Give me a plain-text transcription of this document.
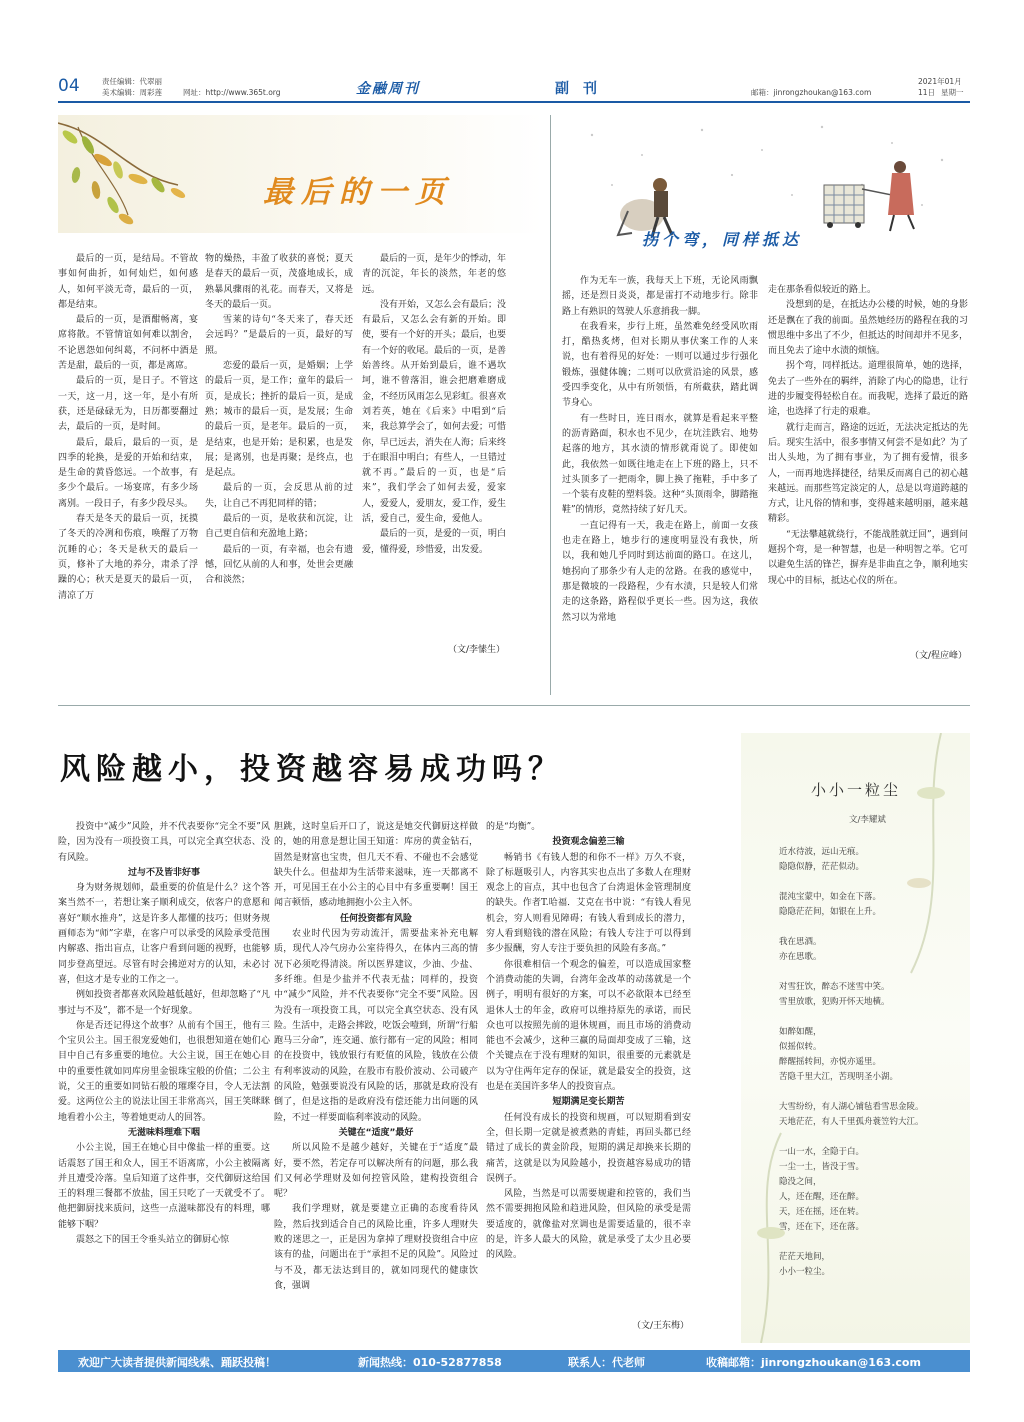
04	责任编辑：代翠丽
美术编辑：周彩莲	网址：http://www.365t.org	金融周刊	副　刊	邮箱：jinrongzhoukan@163.com
2021年01月11日 星期一
最后的一页

最后的一页，是结局。不管故事如何曲折，如何灿烂，如何感人，如何平淡无奇，最后的一页，都是结束。

最后的一页，是酒酣畅离，宴席将散。不管情谊如何难以割舍，不论恩怨如何纠葛，不问杯中酒是苦是甜，最后的一页，都是离席。

最后的一页，是日子。不管这一天，这一月，这一年，是小有所获，还是碌碌无为，日历都要翻过去，最后的一页，是时间。

最后，最后，最后的一页，是四季的轮换，是爱的开始和结束，是生命的黄昏悠远。一个故事，有多少个最后。一场宴席，有多少场离别。一段日子，有多少段尽头。

春天是冬天的最后一页，抚摸了冬天的冷冽和伤痕，唤醒了万物沉睡的心；冬天是秋天的最后一页，修补了大地的养分，肃杀了浮躁的心；秋天是夏天的最后一页，清凉了万

物的燥热，丰盈了收获的喜悦；夏天是春天的最后一页，茂盛地成长，成熟暴风骤雨的礼花。而春天，又将是冬天的最后一页。

雪莱的诗句“冬天来了，春天还会远吗？”是最后的一页，最好的写照。

恋爱的最后一页，是婚姻；上学的最后一页，是工作；童年的最后一页，是成长；挫折的最后一页，是成熟；城市的最后一页，是发展；生命的最后一页，是老年。最后的一页，是结束，也是开始；是积累，也是发展；是离别，也是再聚；是终点，也是起点。

最后的一页，会反思从前的过失，让自己不再犯同样的错；

最后的一页，是收获和沉淀，让自己更自信和充盈地上路；

最后的一页，有幸福，也会有遗憾，回忆从前的人和事，处世会更融合和淡然；

最后的一页，是年少的悸动，年青的沉淀，年长的淡然，年老的悠远。

没有开始，又怎么会有最后；没有最后，又怎么会有新的开始。即使，要有一个好的开头；最后，也要有一个好的收尾。最后的一页，是善始善终。从开始到最后，谁不遇坎坷，谁不曾落泪，谁会把磨难磨成金，不经历风雨怎么见彩虹。很喜欢刘若英，她在《后来》中唱到“后来，我总算学会了，如何去爱；可惜你，早已远去，消失在人海；后来终于在眼泪中明白；有些人，一旦错过就不再。”最后的一页，也是“后来”，我们学会了如何去爱，爱家人，爱爱人，爱朋友，爱工作，爱生活，爱自己，爱生命，爱他人。

最后的一页，是爱的一页，明白爱，懂得爱，珍惜爱，出发爱。

（文/李愫生）
拐个弯，同样抵达

作为无车一族，我每天上下班，无论风雨飘摇，还是烈日炎炎，都是雷打不动地步行。除非路上有熟识的驾驶人乐意捎我一脚。

在我看来，步行上班，虽然难免经受风吹雨打，酷热炙烤，但对长期从事伏案工作的人来说，也有着得见的好处：一则可以通过步行强化锻炼，强健体魄；二则可以欣赏沿途的风景，感受四季变化，从中有所领悟，有所截获，踏此调节身心。

有一些时日，连日雨水，就算是看起来平整的沥青路面，积水也不见少，在坑洼跌宕、地势起落的地方，其水渍的情形就甭说了。即使如此，我依然一如既往地走在上下班的路上，只不过头顶多了一把雨伞，脚上换了拖鞋，手中多了一个装有皮鞋的塑料袋。这种“头顶雨伞，脚踏拖鞋”的情形，竟然持续了好几天。

一直记得有一天，我走在路上，前面一女孩也走在路上，她步行的速度明显没有我快，所以，我和她几乎同时到达前面的路口。在这儿，她拐向了那条少有人走的岔路。在我的感觉中，那是微坡的一段路程，少有水渍，只是较人们常走的这条路，路程似乎更长一些。因为这，我依然习以为常地

走在那条看似较近的路上。

没想到的是，在抵达办公楼的时候，她的身影还是飘在了我的前面。虽然她经历的路程在我的习惯思维中多出了不少，但抵达的时间却并不见多，而且免去了途中水渍的烦恼。

拐个弯，同样抵达。道理很简单，她的选择，免去了一些外在的羁绊，消除了内心的隐患，让行进的步履变得轻松自在。而我呢，选择了最近的路途，也选择了行走的艰难。

就行走而言，路途的远近，无法决定抵达的先后。现实生活中，很多事情又何尝不是如此？为了出人头地，为了拥有事业，为了拥有爱情，很多人，一而再地选择捷径，结果反而离自己的初心越来越远。而那些笃定淡定的人，总是以弯道跨越的方式，让凡俗的情和事，变得越来越明丽，越来越精彩。

“无法攀越就绕行，不能战胜就迂回”，遇到问题拐个弯，是一种智慧，也是一种明智之举。它可以避免生活的锋芒，摒弃是非曲直之争，顺利地实现心中的目标，抵达心仪的所在。

（文/程应峰）
风险越小，投资越容易成功吗？

投资中“减少”风险，并不代表要你“完全不要”风险，因为没有一项投资工具，可以完全真空状态、没有风险。

过与不及皆非好事

身为财务规划师，最重要的价值是什么？这个答案当然不一，若想让案子顺利成交，依客户的意愿和喜好“顺水推舟”，这是许多人都懂的技巧；但财务规画师态为“师”字辈，在客户可以承受的风险承受范围内解惑、指出盲点，让客户看到问题的视野，也能够同步登高望远。尽管有时会拂逆对方的认知，未必讨喜，但这才是专业的工作之一。

例如投资者都喜欢风险越低越好，但却忽略了“凡事过与不及”，都不是一个好现象。

你是否还记得这个故事？从前有个国王，他有三个宝贝公主。国王很宠爱她们，也很想知道在她们心目中自己有多重要的地位。大公主说，国王在她心目中的重要性就如同库房里金银珠宝般的价值；二公主说，父王的重要如同钻石般的璀璨夺目，令人无法割爱。这两位公主的说法让国王非常高兴，国王笑眯眯地看着小公主，等着她更动人的回答。

无滋味料理难下咽

小公主说，国王在她心目中像盐一样的重要。这话震怒了国王和众人，国王不语离席，小公主被隔离并且遭受冷落。皇后知道了这件事，交代御厨这给国王的料理三餐都不放盐，国王只吃了一天就受不了。他把御厨找来质问，这些一点滋味都没有的料理，哪能够下咽？

震怒之下的国王令垂头站立的御厨心惊

胆跳，这时皇后开口了，说这是她交代御厨这样做的，她的用意是想让国王知道：库房的黄金钻石，固然是财富也宝贵，但几天不看、不碰也不会感觉缺失什么。但盐却为生活带来滋味，连一天都离不开，可见国王在小公主的心目中有多重要啊！国王闻言顿悟，感动地拥抱小公主入怀。

任何投资都有风险

农业时代因为劳动流汗，需要盐来补充电解质，现代人冷气房办公室待得久，在体内三高的情况下必须吃得清淡。所以医界建议，少油、少盐、多纤维。但是少盐并不代表无盐；同样的，投资中“减少”风险，并不代表要你“完全不要”风险。因为没有一项投资工具，可以完全真空状态、没有风险。生活中，走路会摔跤，吃饭会噎到，所谓“行船跑马三分命”，连交通、旅行都有一定的风险；相同的在投资中，钱放银行有贬值的风险，钱放在公债有利率波动的风险，在股市有股价波动、公司破产的风险，勉强要说没有风险的话，那就是政府没有倒了，但是这指的是政府没有偿还能力出问题的风险，不过一样要面临利率波动的风险。

关键在“适度”最好

所以风险不是越少越好，关键在于“适度”最好，要不然，若定存可以解决所有的问题，那么我们又何必学理财及如何控管风险，建构投资组合呢？

我们学理财，就是要建立正确的态度看待风险，然后找到适合自己的风险比重，许多人理财失败的迷思之一，正是因为拿掉了理财投资组合中应该有的盐，问题出在于“承担不足的风险”。风险过与不及，都无法达到目的，就如同现代的健康饮食，强调

的是“均衡”。

投资观念偏差三输

畅销书《有钱人想的和你不一样》万久不衰，除了标题吸引人，内容其实也点出了多数人在理财观念上的盲点，其中也包含了台湾退休金管理制度的缺失。作者T.哈福．艾克在书中说：“有钱人看见机会，穷人则看见障碍；有钱人看到成长的潜力，穷人看到赔钱的潜在风险；有钱人专注于可以得到多少报酬，穷人专注于要负担的风险有多高。”

你很难相信一个观念的偏差，可以造成国家整个消费动能的失调，台湾年金改革的动荡就是一个例子，明明有很好的方案，可以不必欲限本已经至退休人士的年金，政府可以维持原先的承诺，而民众也可以按照先前的退休规画，而且市场的消费动能也不会减少，这种三赢的局面却变成了三输，这个关键点在于没有理财的知识，很重要的元素就是以为守住两年定存的保证，就是最安全的投资，这也是在美国许多华人的投资盲点。

短期满足变长期苦

任何没有成长的投资和规画，可以短期看到安全，但长期一定就是被煮熟的青蛙，再回头都已经错过了成长的黄金阶段，短期的满足却换来长期的痛苦，这就是以为风险越小，投资越容易成功的错误例子。

风险，当然是可以需要规避和控管的，我们当然不需要拥抱风险和趋进风险，但风险的承受是需要适度的，就像盐对烹调也是需要适量的，很不幸的是，许多人最大的风险，就是承受了太少且必要的风险。

（文/王东梅）
小小一粒尘
文/李耀斌

近水待波，远山无痕。

隐隐似静，茫茫似动。

混沌宝蒙中，如金在下落。

隐隐茫茫间，如银在上升。

我在思酒。

亦在思歌。

对雪狂饮，醉态不迷雪中笑。

雪里放歌，犯购开怀天地横。

如醉如醒，

似摇似转。

醉醒摇转间，亦悦亦遥里。

苦隐千里大江，苦现明圣小湖。

大雪纷纷，有人湖心铺毡看雪思金陵。

天地茫茫，有人千里孤舟蓑笠钓大江。

一山一水，全隐于白。

一尘一土，皆没于雪。

隐没之间，

人，还在醒，还在醉。

天，还在摇，还在转。

雪，还在下，还在落。

茫茫天地间，

小小一粒尘。

欢迎广大读者提供新闻线索、踊跃投稿！	新闻热线：010-52877858	联系人：代老师	收稿邮箱：jinrongzhoukan@163.com
